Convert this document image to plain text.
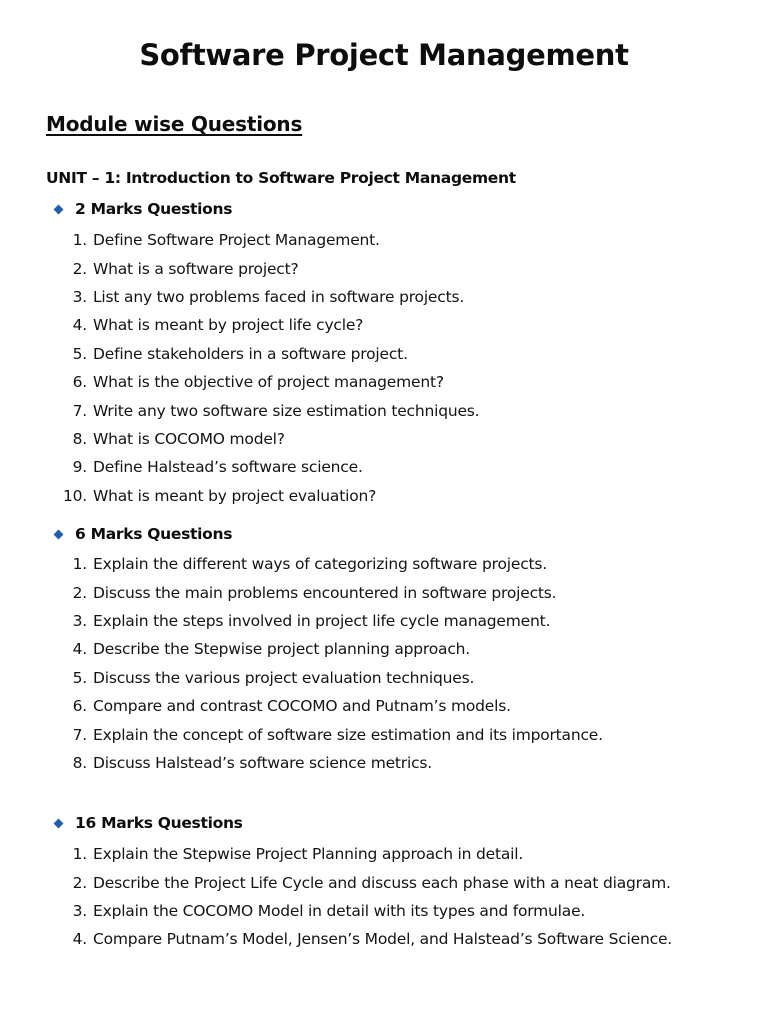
Software Project Management
Module wise Questions
UNIT – 1: Introduction to Software Project Management
2 Marks Questions
1. Define Software Project Management.
2. What is a software project?
3. List any two problems faced in software projects.
4. What is meant by project life cycle?
5. Define stakeholders in a software project.
6. What is the objective of project management?
7. Write any two software size estimation techniques.
8. What is COCOMO model?
9. Define Halstead’s software science.
10. What is meant by project evaluation?
6 Marks Questions
1. Explain the different ways of categorizing software projects.
2. Discuss the main problems encountered in software projects.
3. Explain the steps involved in project life cycle management.
4. Describe the Stepwise project planning approach.
5. Discuss the various project evaluation techniques.
6. Compare and contrast COCOMO and Putnam’s models.
7. Explain the concept of software size estimation and its importance.
8. Discuss Halstead’s software science metrics.
16 Marks Questions
1. Explain the Stepwise Project Planning approach in detail.
2. Describe the Project Life Cycle and discuss each phase with a neat diagram.
3. Explain the COCOMO Model in detail with its types and formulae.
4. Compare Putnam’s Model, Jensen’s Model, and Halstead’s Software Science.
